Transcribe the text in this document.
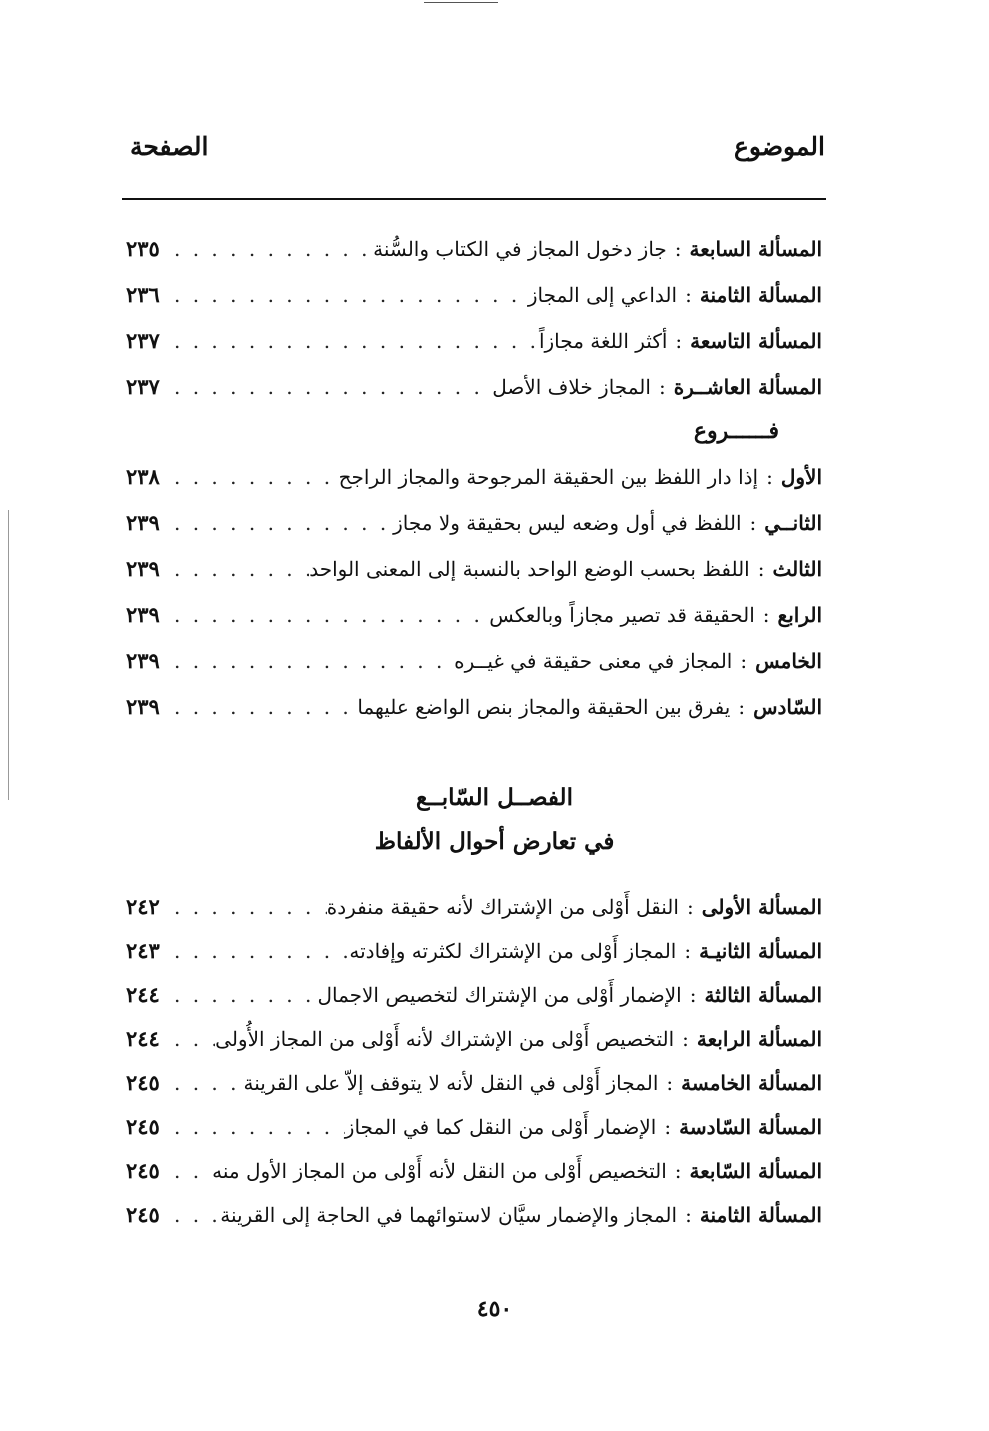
الموضوع
الصفحة
المسألة السابعة
:
جاز دخول المجاز في الكتاب والسُّنة
. . .
٢٣٥
المسألة الثامنة
:
الداعي إلى المجاز
. . .
٢٣٦
المسألة التاسعة
:
أكثر اللغة مجازاً
. . .
٢٣٧
المسألة العاشــرة
:
المجاز خلاف الأصل
. . .
٢٣٧
فــــــروع
الأول
:
إذا دار اللفظ بين الحقيقة المرجوحة والمجاز الراجح
. . .
٢٣٨
الثانــي
:
اللفظ في أول وضعه ليس بحقيقة ولا مجاز
. . .
٢٣٩
الثالث
:
اللفظ بحسب الوضع الواحد بالنسبة إلى المعنى الواحد
. . .
٢٣٩
الرابع
:
الحقيقة قد تصير مجازاً وبالعكس
. . .
٢٣٩
الخامس
:
المجاز في معنى حقيقة في غيــره
. . .
٢٣٩
السّادس
:
يفرق بين الحقيقة والمجاز بنص الواضع عليهما
. . .
٢٣٩
الفصــل السّابــع
في تعارض أحوال الألفاظ
المسألة الأولى
:
النقل أَوْلى من الإشتراك لأنه حقيقة منفردة
. . .
٢٤٢
المسألة الثانيـة
:
المجاز أَوْلى من الإشتراك لكثرته وإفادته
. . .
٢٤٣
المسألة الثالثة
:
الإضمار أَوْلى من الإشتراك لتخصيص الاجمال
. . .
٢٤٤
المسألة الرابعة
:
التخصيص أَوْلى من الإشتراك لأنه أَوْلى من المجاز الأُولى
. . .
٢٤٤
المسألة الخامسة
:
المجاز أَوْلى في النقل لأنه لا يتوقف إلاّ على القرينة
. . .
٢٤٥
المسألة السّادسة
:
الإضمار أَوْلى من النقل كما في المجاز
. . .
٢٤٥
المسألة السّابعة
:
التخصيص أَوْلى من النقل لأنه أَوْلى من المجاز الأول منه
. . .
٢٤٥
المسألة الثامنة
:
المجاز والإضمار سيَّان لاستوائهما في الحاجة إلى القرينة
. . .
٢٤٥
٤٥٠
